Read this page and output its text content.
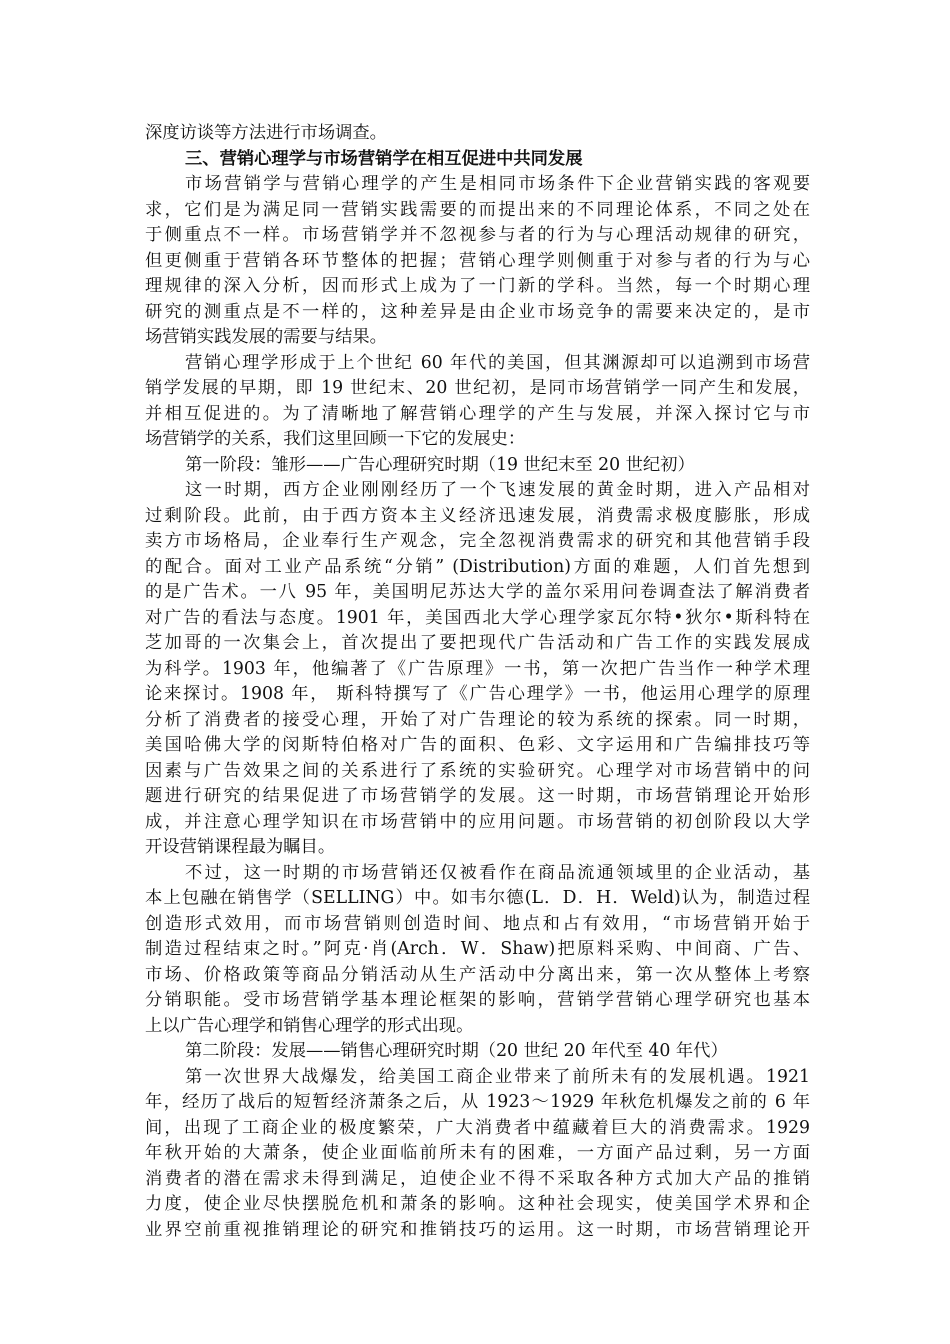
深度访谈等方法进行市场调查。
三、营销心理学与市场营销学在相互促进中共同发展
市场营销学与营销心理学的产生是相同市场条件下企业营销实践的客观要
求，它们是为满足同一营销实践需要的而提出来的不同理论体系，不同之处在
于侧重点不一样。市场营销学并不忽视参与者的行为与心理活动规律的研究，
但更侧重于营销各环节整体的把握；营销心理学则侧重于对参与者的行为与心
理规律的深入分析，因而形式上成为了一门新的学科。当然，每一个时期心理
研究的测重点是不一样的，这种差异是由企业市场竞争的需要来决定的，是市
场营销实践发展的需要与结果。
营销心理学形成于上个世纪 60 年代的美国，但其渊源却可以追溯到市场营
销学发展的早期，即 19 世纪末、20 世纪初，是同市场营销学一同产生和发展，
并相互促进的。为了清晰地了解营销心理学的产生与发展，并深入探讨它与市
场营销学的关系，我们这里回顾一下它的发展史：
第一阶段：雏形——广告心理研究时期（19 世纪末至 20 世纪初）
这一时期，西方企业刚刚经历了一个飞速发展的黄金时期，进入产品相对
过剩阶段。此前，由于西方资本主义经济迅速发展，消费需求极度膨胀，形成
卖方市场格局，企业奉行生产观念，完全忽视消费需求的研究和其他营销手段
的配合。面对工业产品系统“分销” (Distribution)方面的难题，人们首先想到
的是广告术。一八 95 年，美国明尼苏达大学的盖尔采用问卷调查法了解消费者
对广告的看法与态度。1901 年，美国西北大学心理学家瓦尔特•狄尔•斯科特在
芝加哥的一次集会上，首次提出了要把现代广告活动和广告工作的实践发展成
为科学。1903 年，他编著了《广告原理》一书，第一次把广告当作一种学术理
论来探讨。1908 年， 斯科特撰写了《广告心理学》一书，他运用心理学的原理
分析了消费者的接受心理，开始了对广告理论的较为系统的探索。同一时期，
美国哈佛大学的闵斯特伯格对广告的面积、色彩、文字运用和广告编排技巧等
因素与广告效果之间的关系进行了系统的实验研究。心理学对市场营销中的问
题进行研究的结果促进了市场营销学的发展。这一时期，市场营销理论开始形
成，并注意心理学知识在市场营销中的应用问题。市场营销的初创阶段以大学
开设营销课程最为瞩目。
不过，这一时期的市场营销还仅被看作在商品流通领域里的企业活动，基
本上包融在销售学（SELLING）中。如韦尔德(L．D．H．Weld)认为，制造过程
创造形式效用，而市场营销则创造时间、地点和占有效用，“市场营销开始于
制造过程结束之时。”阿克·肖(Arch．W．Shaw)把原料采购、中间商、广告、
市场、价格政策等商品分销活动从生产活动中分离出来，第一次从整体上考察
分销职能。受市场营销学基本理论框架的影响，营销学营销心理学研究也基本
上以广告心理学和销售心理学的形式出现。
第二阶段：发展——销售心理研究时期（20 世纪 20 年代至 40 年代）
第一次世界大战爆发，给美国工商企业带来了前所未有的发展机遇。1921
年，经历了战后的短暂经济萧条之后，从 1923～1929 年秋危机爆发之前的 6 年
间，出现了工商企业的极度繁荣，广大消费者中蕴藏着巨大的消费需求。1929
年秋开始的大萧条，使企业面临前所未有的困难，一方面产品过剩，另一方面
消费者的潜在需求未得到满足，迫使企业不得不采取各种方式加大产品的推销
力度，使企业尽快摆脱危机和萧条的影响。这种社会现实，使美国学术界和企
业界空前重视推销理论的研究和推销技巧的运用。这一时期，市场营销理论开
